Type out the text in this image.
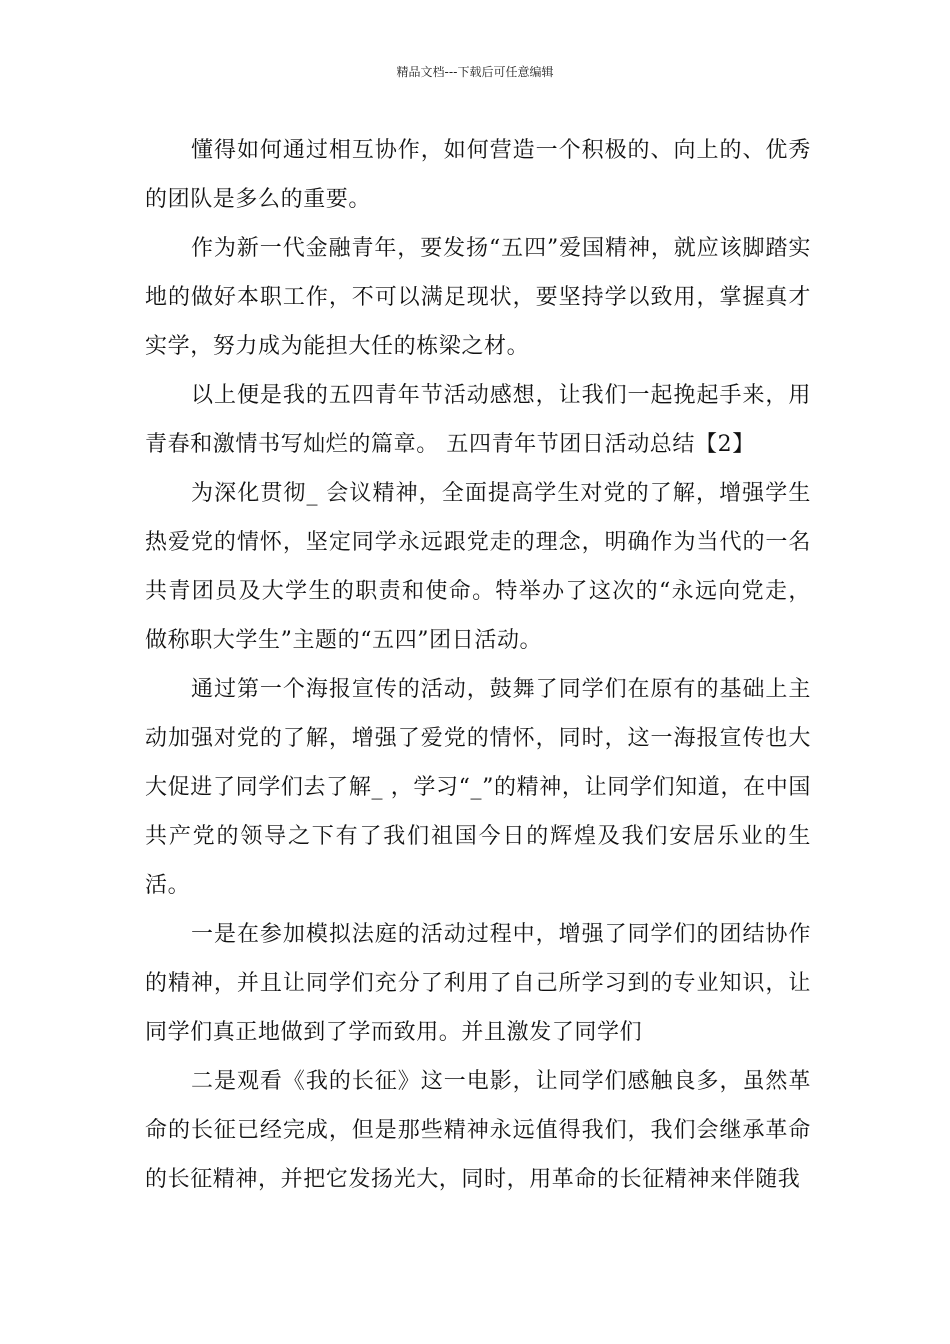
精品文档---下载后可任意编辑

懂得如何通过相互协作，如何营造一个积极的、向上的、优秀的团队是多么的重要。

作为新一代金融青年，要发扬“五四”爱国精神，就应该脚踏实地的做好本职工作，不可以满足现状，要坚持学以致用，掌握真才实学，努力成为能担大任的栋梁之材。

以上便是我的五四青年节活动感想，让我们一起挽起手来，用青春和激情书写灿烂的篇章。 五四青年节团日活动总结【2】

为深化贯彻_ 会议精神，全面提高学生对党的了解，增强学生热爱党的情怀，坚定同学永远跟党走的理念，明确作为当代的一名共青团员及大学生的职责和使命。特举办了这次的“永远向党走，做称职大学生”主题的“五四”团日活动。

通过第一个海报宣传的活动，鼓舞了同学们在原有的基础上主动加强对党的了解，增强了爱党的情怀，同时，这一海报宣传也大大促进了同学们去了解_ ，学习“_”的精神，让同学们知道，在中国共产党的领导之下有了我们祖国今日的辉煌及我们安居乐业的生活。

一是在参加模拟法庭的活动过程中，增强了同学们的团结协作的精神，并且让同学们充分了利用了自己所学习到的专业知识，让同学们真正地做到了学而致用。并且激发了同学们

二是观看《我的长征》这一电影，让同学们感触良多，虽然革命的长征已经完成，但是那些精神永远值得我们，我们会继承革命的长征精神，并把它发扬光大，同时，用革命的长征精神来伴随我
